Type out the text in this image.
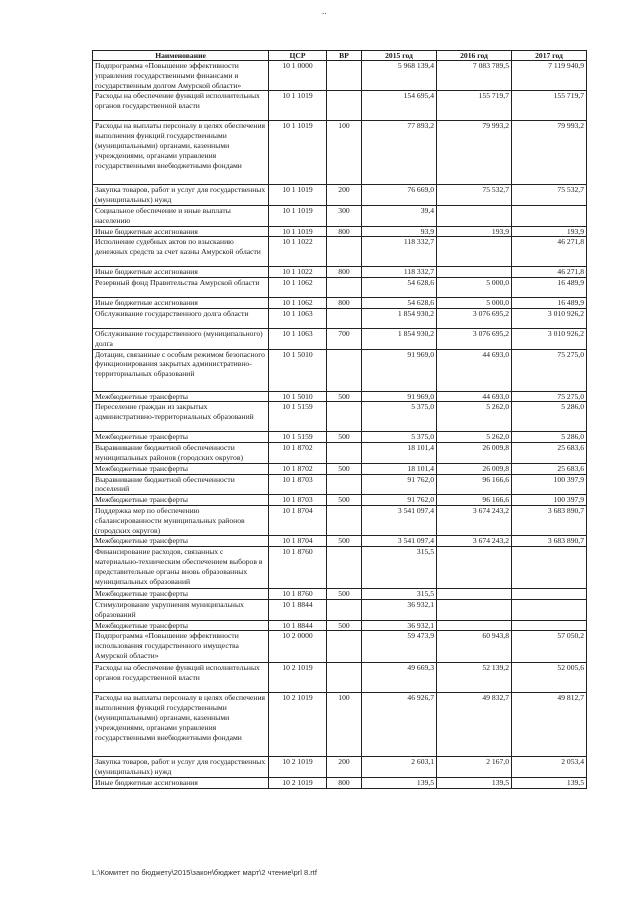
..
Наименование	ЦСР	ВР	2015 год	2016 год	2017 год
Подпрограмма «Повышение эффективности управления государственными финансами и государственным долгом Амурской области»	10 1 0000		5 968 139,4	7 083 789,5	7 119 940,9
Расходы на обеспечение функций исполнительных органов государственной власти	10 1 1019		154 695,4	155 719,7	155 719,7
Расходы на выплаты персоналу в целях обеспечения выполнения функций государственными (муниципальными) органами, казенными учреждениями, органами управления государственными внебюджетными фондами	10 1 1019	100	77 893,2	79 993,2	79 993,2
Закупка товаров, работ и услуг для государственных (муниципальных) нужд	10 1 1019	200	76 669,0	75 532,7	75 532,7
Социальное обеспечение и иные выплаты населению	10 1 1019	300	39,4		
Иные бюджетные ассигнования	10 1 1019	800	93,9	193,9	193,9
Исполнение судебных актов по взысканию денежных средств за счет казны Амурской области	10 1 1022		118 332,7		46 271,8
Иные бюджетные ассигнования	10 1 1022	800	118 332,7		46 271,8
Резервный фонд Правительства Амурской области	10 1 1062		54 628,6	5 000,0	16 489,9
Иные бюджетные ассигнования	10 1 1062	800	54 628,6	5 000,0	16 489,9
Обслуживание государственного долга области	10 1 1063		1 854 930,2	3 076 695,2	3 010 926,2
Обслуживание государственного (муниципального) долга	10 1 1063	700	1 854 930,2	3 076 695,2	3 010 926,2
Дотации, связанные с особым режимом безопасного функционирования закрытых административно-территориальных образований	10 1 5010		91 969,0	44 693,0	75 275,0
Межбюджетные трансферты	10 1 5010	500	91 969,0	44 693,0	75 275,0
Переселение граждан из закрытых административно-территориальных образований	10 1 5159		5 375,0	5 262,0	5 286,0
Межбюджетные трансферты	10 1 5159	500	5 375,0	5 262,0	5 286,0
Выравнивание бюджетной обеспеченности муниципальных районов (городских округов)	10 1 8702		18 101,4	26 009,8	25 683,6
Межбюджетные трансферты	10 1 8702	500	18 101,4	26 009,8	25 683,6
Выравнивание бюджетной обеспеченности поселений	10 1 8703		91 762,0	96 166,6	100 397,9
Межбюджетные трансферты	10 1 8703	500	91 762,0	96 166,6	100 397,9
Поддержка мер по обеспечению сбалансированности муниципальных районов (городских округов)	10 1 8704		3 541 097,4	3 674 243,2	3 683 890,7
Межбюджетные трансферты	10 1 8704	500	3 541 097,4	3 674 243,2	3 683 890,7
Финансирование расходов, связанных с материально-техническим обеспечением выборов в представительные органы вновь образованных муниципальных образований	10 1 8760		315,5		
Межбюджетные трансферты	10 1 8760	500	315,5		
Стимулирование укрупнения муниципальных образований	10 1 8844		36 932,1		
Межбюджетные трансферты	10 1 8844	500	36 932,1		
Подпрограмма «Повышение эффективности использования государственного имущества Амурской области»	10 2 0000		59 473,9	60 943,8	57 050,2
Расходы на обеспечение функций исполнительных органов государственной власти	10 2 1019		49 669,3	52 139,2	52 005,6
Расходы на выплаты персоналу в целях обеспечения выполнения функций государственными (муниципальными) органами, казенными учреждениями, органами управления государственными внебюджетными фондами	10 2 1019	100	46 926,7	49 832,7	49 812,7
Закупка товаров, работ и услуг для государственных (муниципальных) нужд	10 2 1019	200	2 603,1	2 167,0	2 053,4
Иные бюджетные ассигнования	10 2 1019	800	139,5	139,5	139,5
L:\Комитет по бюджету\2015\закон\бюджет март\2 чтение\prl 8.rtf
